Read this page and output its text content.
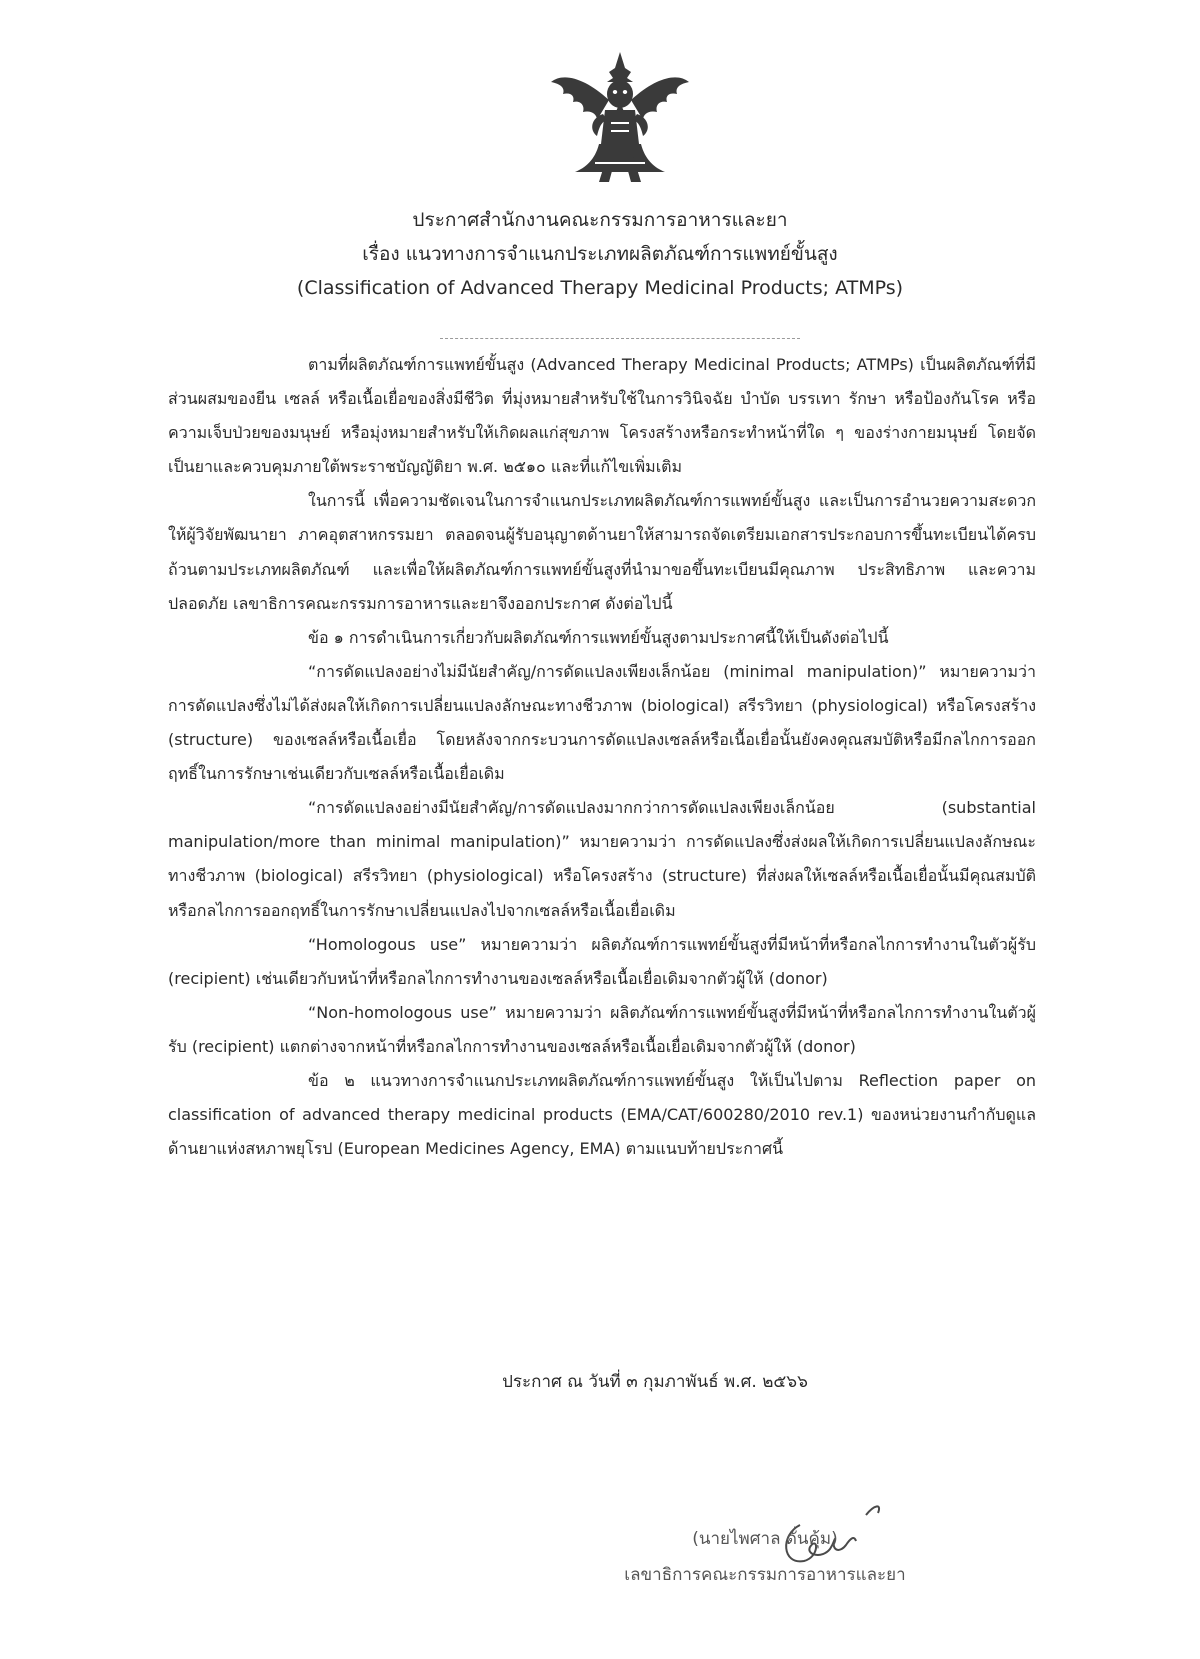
ประกาศสำนักงานคณะกรรมการอาหารและยา
เรื่อง แนวทางการจำแนกประเภทผลิตภัณฑ์การแพทย์ขั้นสูง
(Classification of Advanced Therapy Medicinal Products; ATMPs)

ตามที่ผลิตภัณฑ์การแพทย์ขั้นสูง (Advanced Therapy Medicinal Products; ATMPs) เป็นผลิตภัณฑ์ที่มีส่วนผสมของยีน เซลล์ หรือเนื้อเยื่อของสิ่งมีชีวิต ที่มุ่งหมายสำหรับใช้ในการวินิจฉัย บำบัด บรรเทา รักษา หรือป้องกันโรค หรือความเจ็บป่วยของมนุษย์ หรือมุ่งหมายสำหรับให้เกิดผลแก่สุขภาพ โครงสร้างหรือกระทำหน้าที่ใด ๆ ของร่างกายมนุษย์ โดยจัดเป็นยาและควบคุมภายใต้พระราชบัญญัติยา พ.ศ. ๒๕๑๐ และที่แก้ไขเพิ่มเติม

ในการนี้ เพื่อความชัดเจนในการจำแนกประเภทผลิตภัณฑ์การแพทย์ขั้นสูง และเป็นการอำนวยความสะดวกให้ผู้วิจัยพัฒนายา ภาคอุตสาหกรรมยา ตลอดจนผู้รับอนุญาตด้านยาให้สามารถจัดเตรียมเอกสารประกอบการขึ้นทะเบียนได้ครบถ้วนตามประเภทผลิตภัณฑ์ และเพื่อให้ผลิตภัณฑ์การแพทย์ขั้นสูงที่นำมาขอขึ้นทะเบียนมีคุณภาพ ประสิทธิภาพ และความปลอดภัย เลขาธิการคณะกรรมการอาหารและยาจึงออกประกาศ ดังต่อไปนี้

ข้อ ๑ การดำเนินการเกี่ยวกับผลิตภัณฑ์การแพทย์ขั้นสูงตามประกาศนี้ให้เป็นดังต่อไปนี้

“การดัดแปลงอย่างไม่มีนัยสำคัญ/การดัดแปลงเพียงเล็กน้อย (minimal manipulation)” หมายความว่า การดัดแปลงซึ่งไม่ได้ส่งผลให้เกิดการเปลี่ยนแปลงลักษณะทางชีวภาพ (biological) สรีรวิทยา (physiological) หรือโครงสร้าง (structure) ของเซลล์หรือเนื้อเยื่อ โดยหลังจากกระบวนการดัดแปลงเซลล์หรือเนื้อเยื่อนั้นยังคงคุณสมบัติหรือมีกลไกการออกฤทธิ์ในการรักษาเช่นเดียวกับเซลล์หรือเนื้อเยื่อเดิม

“การดัดแปลงอย่างมีนัยสำคัญ/การดัดแปลงมากกว่าการดัดแปลงเพียงเล็กน้อย (substantial manipulation/more than minimal manipulation)” หมายความว่า การดัดแปลงซึ่งส่งผลให้เกิดการเปลี่ยนแปลงลักษณะทางชีวภาพ (biological) สรีรวิทยา (physiological) หรือโครงสร้าง (structure) ที่ส่งผลให้เซลล์หรือเนื้อเยื่อนั้นมีคุณสมบัติหรือกลไกการออกฤทธิ์ในการรักษาเปลี่ยนแปลงไปจากเซลล์หรือเนื้อเยื่อเดิม

“Homologous use” หมายความว่า ผลิตภัณฑ์การแพทย์ขั้นสูงที่มีหน้าที่หรือกลไกการทำงานในตัวผู้รับ (recipient) เช่นเดียวกับหน้าที่หรือกลไกการทำงานของเซลล์หรือเนื้อเยื่อเดิมจากตัวผู้ให้ (donor)

“Non-homologous use” หมายความว่า ผลิตภัณฑ์การแพทย์ขั้นสูงที่มีหน้าที่หรือกลไกการทำงานในตัวผู้รับ (recipient) แตกต่างจากหน้าที่หรือกลไกการทำงานของเซลล์หรือเนื้อเยื่อเดิมจากตัวผู้ให้ (donor)

ข้อ ๒ แนวทางการจำแนกประเภทผลิตภัณฑ์การแพทย์ขั้นสูง ให้เป็นไปตาม Reflection paper on classification of advanced therapy medicinal products (EMA/CAT/600280/2010 rev.1) ของหน่วยงานกำกับดูแลด้านยาแห่งสหภาพยุโรป (European Medicines Agency, EMA) ตามแนบท้ายประกาศนี้

ประกาศ ณ วันที่ ๓ กุมภาพันธ์ พ.ศ. ๒๕๖๖
(นายไพศาล ดั่นคุ้ม)
เลขาธิการคณะกรรมการอาหารและยา
